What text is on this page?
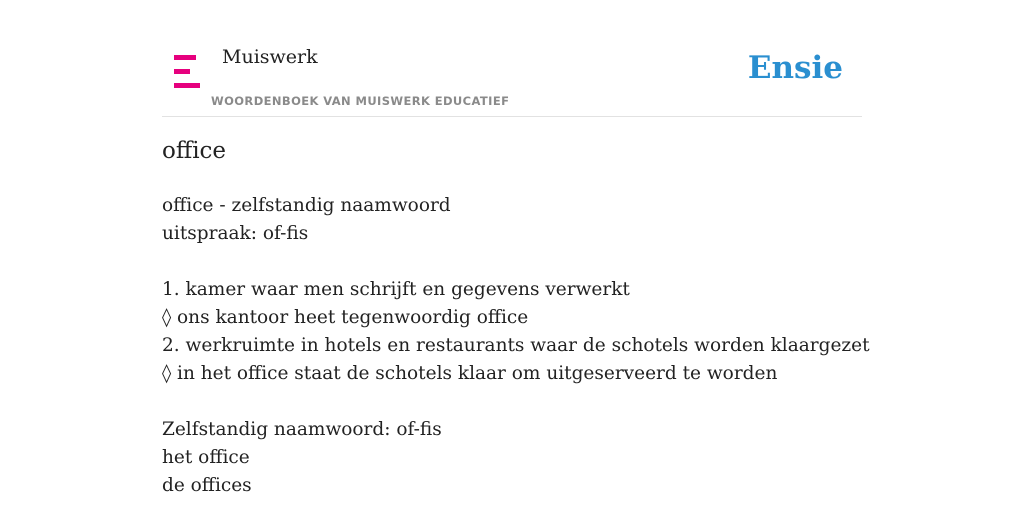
Muiswerk
WOORDENBOEK VAN MUISWERK EDUCATIEF
Ensie
office
office - zelfstandig naamwoord
uitspraak: of-fis
1. kamer waar men schrijft en gegevens verwerkt
◊ ons kantoor heet tegenwoordig office
2. werkruimte in hotels en restaurants waar de schotels worden klaargezet
◊ in het office staat de schotels klaar om uitgeserveerd te worden
Zelfstandig naamwoord: of-fis
het office
de offices
